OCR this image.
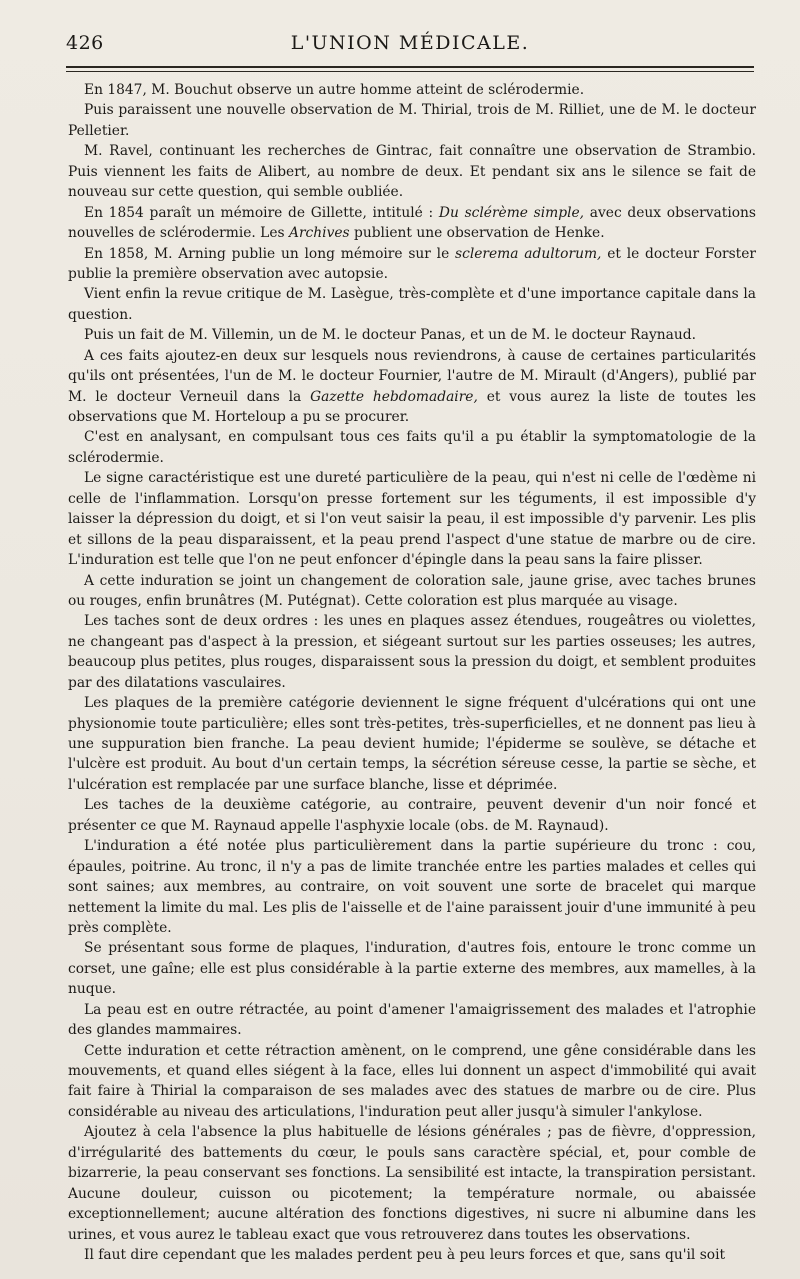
426	L'UNION MÉDICALE.

En 1847, M. Bouchut observe un autre homme atteint de sclérodermie.

Puis paraissent une nouvelle observation de M. Thirial, trois de M. Rilliet, une de M. le docteur Pelletier.

M. Ravel, continuant les recherches de Gintrac, fait connaître une observation de Strambio. Puis viennent les faits de Alibert, au nombre de deux. Et pendant six ans le silence se fait de nouveau sur cette question, qui semble oubliée.

En 1854 paraît un mémoire de Gillette, intitulé : Du sclérème simple, avec deux observations nouvelles de sclérodermie. Les Archives publient une observation de Henke.

En 1858, M. Arning publie un long mémoire sur le sclerema adultorum, et le docteur Forster publie la première observation avec autopsie.

Vient enfin la revue critique de M. Lasègue, très-complète et d'une importance capitale dans la question.

Puis un fait de M. Villemin, un de M. le docteur Panas, et un de M. le docteur Raynaud.

A ces faits ajoutez-en deux sur lesquels nous reviendrons, à cause de certaines particularités qu'ils ont présentées, l'un de M. le docteur Fournier, l'autre de M. Mirault (d'Angers), publié par M. le docteur Verneuil dans la Gazette hebdomadaire, et vous aurez la liste de toutes les observations que M. Horteloup a pu se procurer.

C'est en analysant, en compulsant tous ces faits qu'il a pu établir la symptomatologie de la sclérodermie.

Le signe caractéristique est une dureté particulière de la peau, qui n'est ni celle de l'œdème ni celle de l'inflammation. Lorsqu'on presse fortement sur les téguments, il est impossible d'y laisser la dépression du doigt, et si l'on veut saisir la peau, il est impossible d'y parvenir. Les plis et sillons de la peau disparaissent, et la peau prend l'aspect d'une statue de marbre ou de cire. L'induration est telle que l'on ne peut enfoncer d'épingle dans la peau sans la faire plisser.

A cette induration se joint un changement de coloration sale, jaune grise, avec taches brunes ou rouges, enfin brunâtres (M. Putégnat). Cette coloration est plus marquée au visage.

Les taches sont de deux ordres : les unes en plaques assez étendues, rougeâtres ou violettes, ne changeant pas d'aspect à la pression, et siégeant surtout sur les parties osseuses; les autres, beaucoup plus petites, plus rouges, disparaissent sous la pression du doigt, et semblent produites par des dilatations vasculaires.

Les plaques de la première catégorie deviennent le signe fréquent d'ulcérations qui ont une physionomie toute particulière; elles sont très-petites, très-superficielles, et ne donnent pas lieu à une suppuration bien franche. La peau devient humide; l'épiderme se soulève, se détache et l'ulcère est produit. Au bout d'un certain temps, la sécrétion séreuse cesse, la partie se sèche, et l'ulcération est remplacée par une surface blanche, lisse et déprimée.

Les taches de la deuxième catégorie, au contraire, peuvent devenir d'un noir foncé et présenter ce que M. Raynaud appelle l'asphyxie locale (obs. de M. Raynaud).

L'induration a été notée plus particulièrement dans la partie supérieure du tronc : cou, épaules, poitrine. Au tronc, il n'y a pas de limite tranchée entre les parties malades et celles qui sont saines; aux membres, au contraire, on voit souvent une sorte de bracelet qui marque nettement la limite du mal. Les plis de l'aisselle et de l'aine paraissent jouir d'une immunité à peu près complète.

Se présentant sous forme de plaques, l'induration, d'autres fois, entoure le tronc comme un corset, une gaîne; elle est plus considérable à la partie externe des membres, aux mamelles, à la nuque.

La peau est en outre rétractée, au point d'amener l'amaigrissement des malades et l'atrophie des glandes mammaires.

Cette induration et cette rétraction amènent, on le comprend, une gêne considérable dans les mouvements, et quand elles siégent à la face, elles lui donnent un aspect d'immobilité qui avait fait faire à Thirial la comparaison de ses malades avec des statues de marbre ou de cire. Plus considérable au niveau des articulations, l'induration peut aller jusqu'à simuler l'ankylose.

Ajoutez à cela l'absence la plus habituelle de lésions générales ; pas de fièvre, d'oppression, d'irrégularité des battements du cœur, le pouls sans caractère spécial, et, pour comble de bizarrerie, la peau conservant ses fonctions. La sensibilité est intacte, la transpiration persistant. Aucune douleur, cuisson ou picotement; la température normale, ou abaissée exceptionnellement; aucune altération des fonctions digestives, ni sucre ni albumine dans les urines, et vous aurez le tableau exact que vous retrouverez dans toutes les observations.

Il faut dire cependant que les malades perdent peu à peu leurs forces et que, sans qu'il soit
